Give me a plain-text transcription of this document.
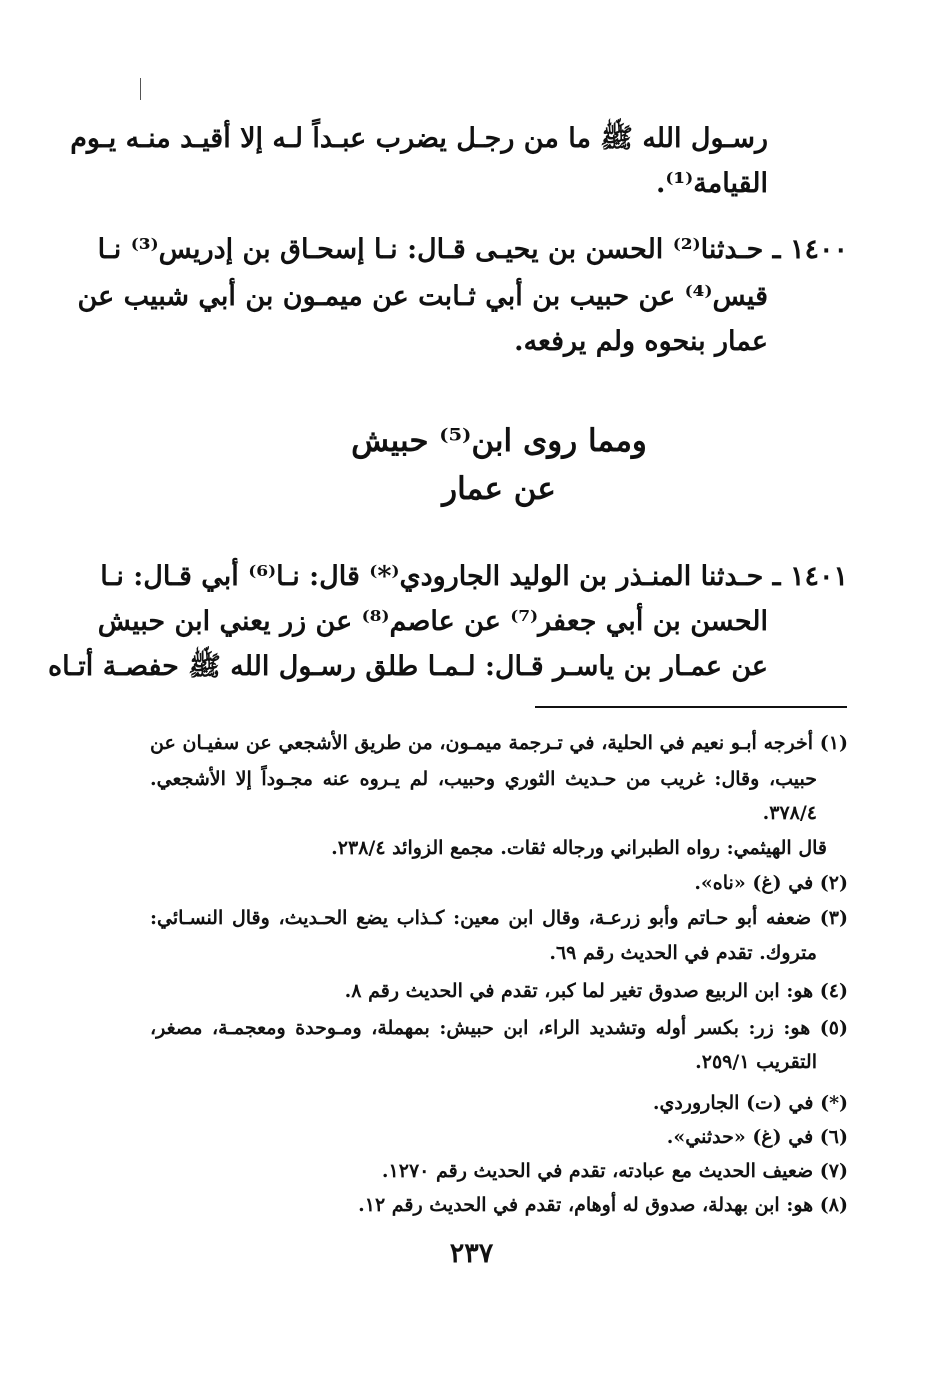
رسـول الله ﷺ ما من رجـل يضرب عبـداً لـه إلا أقيـد منـه يـوم
القيامة⁽¹⁾.
١٤٠٠ ـ حـدثنا⁽²⁾ الحسن بن يحيـى قـال: نـا إسحـاق بن إدريس⁽³⁾ نـا
قيس⁽⁴⁾ عن حبيب بن أبي ثـابت عن ميمـون بن أبي شبيب عن
عمار بنحوه ولم يرفعه.
ومما روى ابن⁽⁵⁾ حبيش
عن عمار
١٤٠١ ـ حـدثنا المنـذر بن الوليد الجارودي⁽*⁾ قال: نـا⁽⁶⁾ أبي قـال: نـا
الحسن بن أبي جعفر⁽⁷⁾ عن عاصم⁽⁸⁾ عن زر يعني ابن حبيش
عن عمـار بن ياسـر قـال: لـمـا طلق رسـول الله ﷺ حفصـة أتـاه
(١) أخرجه أبـو نعيم في الحلية، في تـرجمة ميمـون، من طريق الأشجعي عن سفيـان عن
حبيب، وقال: غريب من حـديث الثوري وحبيب، لم يـروه عنه مجـوداً إلا الأشجعي.
٣٧٨/٤.
قال الهيثمي: رواه الطبراني ورجاله ثقات. مجمع الزوائد ٢٣٨/٤.
(٢) في (غ) «ناه».
(٣) ضعفه أبو حـاتم وأبو زرعـة، وقال ابن معين: كـذاب يضع الحـديث، وقال النسـائي:
متروك. تقدم في الحديث رقم ٦٩.
(٤) هو: ابن الربيع صدوق تغير لما كبر، تقدم في الحديث رقم ٨.
(٥) هو: زر: بكسر أوله وتشديد الراء، ابن حبيش: بمهملة، ومـوحدة ومعجمـة، مصغر،
التقريب ٢٥٩/١.
(*) في (ت) الجاروردي.
(٦) في (غ) «حدثني».
(٧) ضعيف الحديث مع عبادته، تقدم في الحديث رقم ١٢٧٠.
(٨) هو: ابن بهدلة، صدوق له أوهام، تقدم في الحديث رقم ١٢.
٢٣٧
